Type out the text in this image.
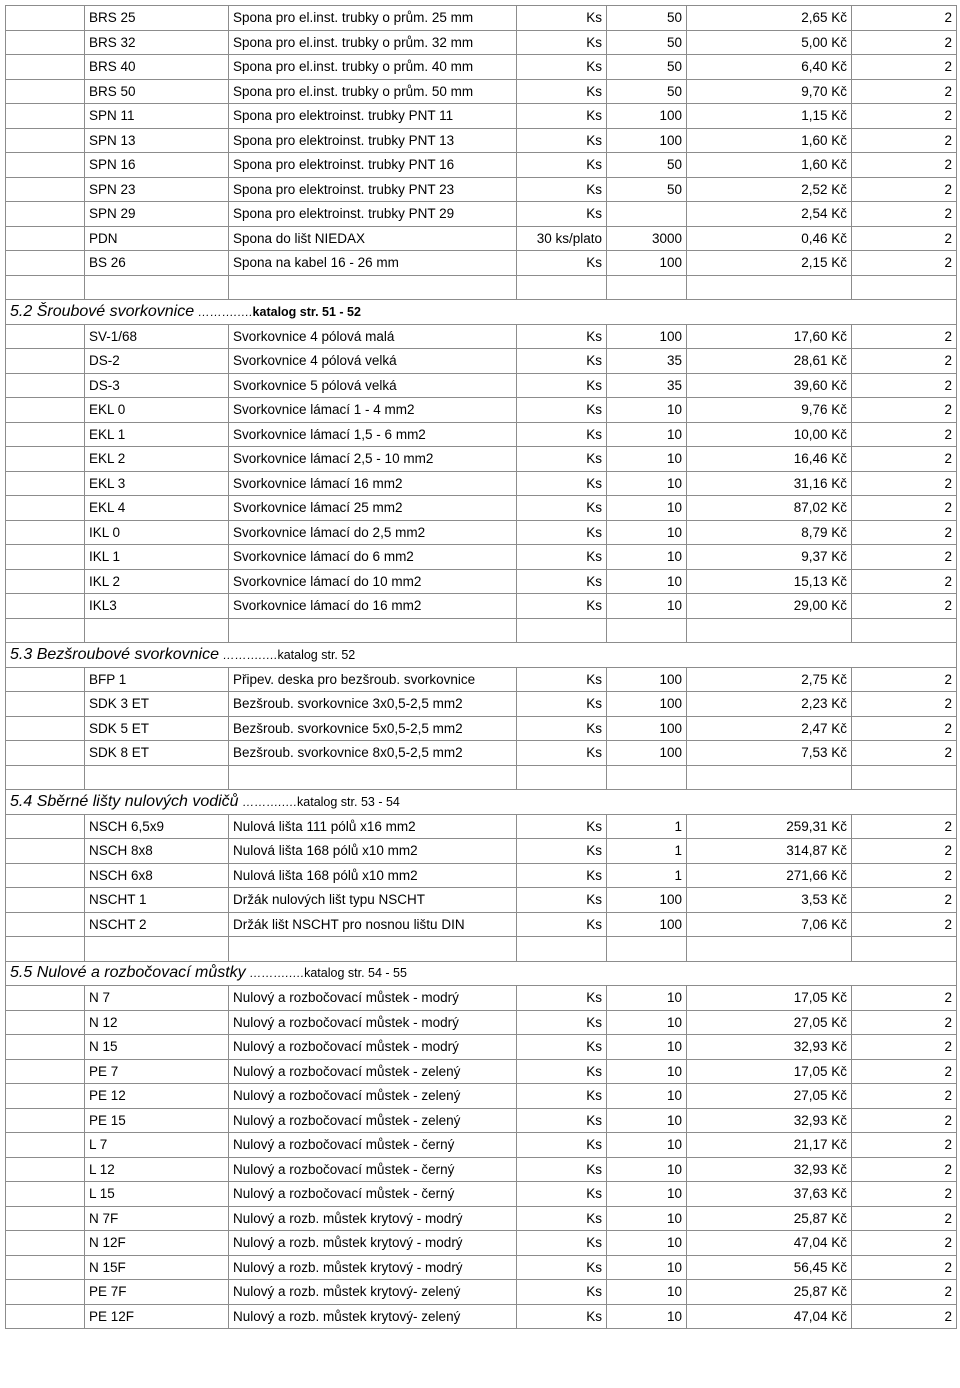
	BRS 25	Spona pro el.inst. trubky o prům. 25 mm	Ks	50	2,65 Kč	2
	BRS 32	Spona pro el.inst. trubky o prům. 32 mm	Ks	50	5,00 Kč	2
	BRS 40	Spona pro el.inst. trubky o prům. 40 mm	Ks	50	6,40 Kč	2
	BRS 50	Spona pro el.inst. trubky o prům. 50 mm	Ks	50	9,70 Kč	2
	SPN 11	Spona pro elektroinst. trubky PNT 11	Ks	100	1,15 Kč	2
	SPN 13	Spona pro elektroinst. trubky PNT 13	Ks	100	1,60 Kč	2
	SPN 16	Spona pro elektroinst. trubky PNT 16	Ks	50	1,60 Kč	2
	SPN 23	Spona pro elektroinst. trubky PNT 23	Ks	50	2,52 Kč	2
	SPN 29	Spona pro elektroinst. trubky PNT 29	Ks		2,54 Kč	2
	PDN	Spona do lišt NIEDAX	30 ks/plato	3000	0,46 Kč	2
	BS 26	Spona na kabel 16 - 26 mm	Ks	100	2,15 Kč	2

5.2 Šroubové svorkovnice ……….….katalog str. 51 - 52						
	SV-1/68	Svorkovnice 4 pólová malá	Ks	100	17,60 Kč	2
	DS-2	Svorkovnice 4 pólová velká	Ks	35	28,61 Kč	2
	DS-3	Svorkovnice 5 pólová velká	Ks	35	39,60 Kč	2
	EKL 0	Svorkovnice lámací 1 - 4 mm2	Ks	10	9,76 Kč	2
	EKL 1	Svorkovnice lámací 1,5 - 6 mm2	Ks	10	10,00 Kč	2
	EKL 2	Svorkovnice lámací 2,5 - 10 mm2	Ks	10	16,46 Kč	2
	EKL 3	Svorkovnice lámací 16 mm2	Ks	10	31,16 Kč	2
	EKL 4	Svorkovnice lámací 25 mm2	Ks	10	87,02 Kč	2
	IKL 0	Svorkovnice lámací do 2,5 mm2	Ks	10	8,79 Kč	2
	IKL 1	Svorkovnice lámací do 6 mm2	Ks	10	9,37 Kč	2
	IKL 2	Svorkovnice lámací do 10 mm2	Ks	10	15,13 Kč	2
	IKL3	Svorkovnice lámací do 16 mm2	Ks	10	29,00 Kč	2

5.3 Bezšroubové svorkovnice ……….….katalog str. 52						
	BFP 1	Připev. deska pro bezšroub. svorkovnice	Ks	100	2,75 Kč	2
	SDK 3 ET	Bezšroub. svorkovnice 3x0,5-2,5 mm2	Ks	100	2,23 Kč	2
	SDK 5 ET	Bezšroub. svorkovnice 5x0,5-2,5 mm2	Ks	100	2,47 Kč	2
	SDK 8 ET	Bezšroub. svorkovnice 8x0,5-2,5 mm2	Ks	100	7,53 Kč	2

5.4 Sběrné lišty nulových vodičů ……….….katalog str. 53 - 54						
	NSCH 6,5x9	Nulová lišta 111 pólů x16 mm2	Ks	1	259,31 Kč	2
	NSCH 8x8	Nulová lišta 168 pólů x10 mm2	Ks	1	314,87 Kč	2
	NSCH 6x8	Nulová lišta 168 pólů x10 mm2	Ks	1	271,66 Kč	2
	NSCHT 1	Držák nulových lišt typu NSCHT	Ks	100	3,53 Kč	2
	NSCHT 2	Držák lišt NSCHT pro nosnou lištu DIN	Ks	100	7,06 Kč	2

5.5 Nulové a rozbočovací můstky ……….….katalog str. 54 - 55						
	N 7	Nulový a rozbočovací můstek - modrý	Ks	10	17,05 Kč	2
	N 12	Nulový a rozbočovací můstek - modrý	Ks	10	27,05 Kč	2
	N 15	Nulový a rozbočovací můstek - modrý	Ks	10	32,93 Kč	2
	PE 7	Nulový a rozbočovací můstek - zelený	Ks	10	17,05 Kč	2
	PE 12	Nulový a rozbočovací můstek - zelený	Ks	10	27,05 Kč	2
	PE 15	Nulový a rozbočovací můstek - zelený	Ks	10	32,93 Kč	2
	L 7	Nulový a rozbočovací můstek - černý	Ks	10	21,17 Kč	2
	L 12	Nulový a rozbočovací můstek - černý	Ks	10	32,93 Kč	2
	L 15	Nulový a rozbočovací můstek - černý	Ks	10	37,63 Kč	2
	N 7F	Nulový a rozb. můstek krytový - modrý	Ks	10	25,87 Kč	2
	N 12F	Nulový a rozb. můstek krytový - modrý	Ks	10	47,04 Kč	2
	N 15F	Nulový a rozb. můstek krytový - modrý	Ks	10	56,45 Kč	2
	PE 7F	Nulový a rozb. můstek krytový- zelený	Ks	10	25,87 Kč	2
	PE 12F	Nulový a rozb. můstek krytový- zelený	Ks	10	47,04 Kč	2
